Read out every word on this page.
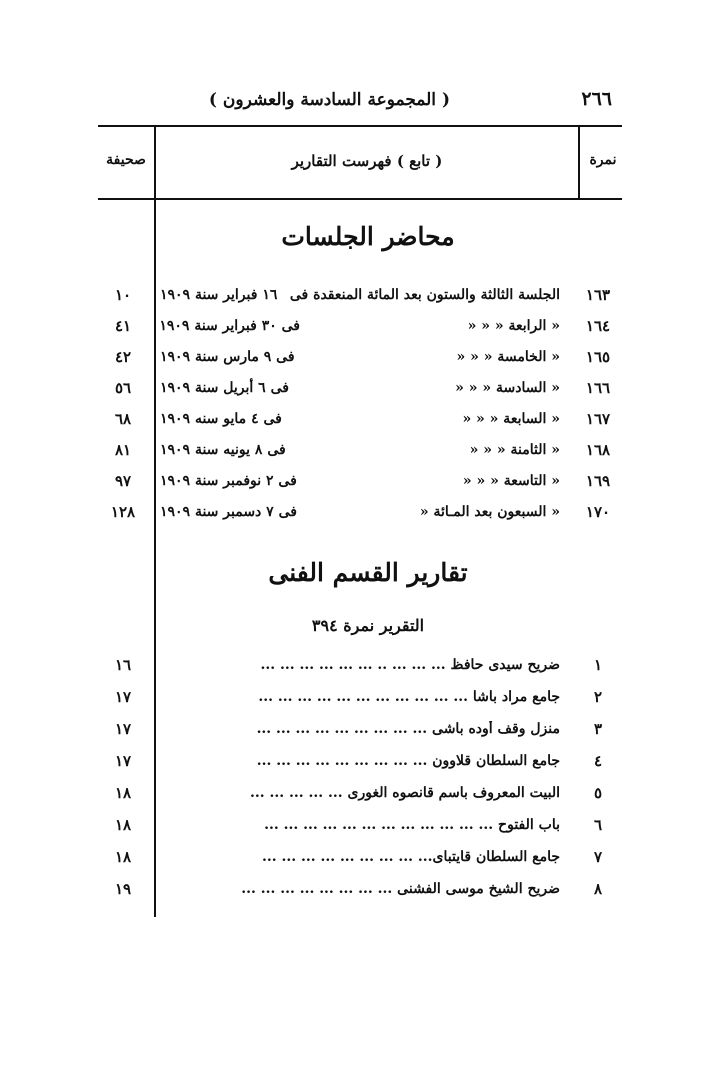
٢٦٦
( المجموعة السادسة والعشرون )
نمرة
( تابع ) فهرست التقارير
صحيفة
محاضر الجلسات
١٦٣
الجلسة الثالثة والستون بعد المائة المنعقدة فى
١٦ فبراير سنة ١٩٠٩
١٠
١٦٤
« الرابعة « « «
فى ٣٠ فبراير سنة ١٩٠٩
٤١
١٦٥
« الخامسة « « «
فى ٩ مارس سنة ١٩٠٩
٤٢
١٦٦
« السادسة « « «
فى ٦ أبريل سنة ١٩٠٩
٥٦
١٦٧
« السابعة « « «
فى ٤ مايو سنه ١٩٠٩
٦٨
١٦٨
« الثامنة « « «
فى ٨ يونيه سنة ١٩٠٩
٨١
١٦٩
« التاسعة « « «
فى ٢ نوفمبر سنة ١٩٠٩
٩٧
١٧٠
« السبعون بعد المـائة «
فى ٧ دسمبر سنة ١٩٠٩
١٢٨
تقارير القسم الفنى
التقرير نمرة ٣٩٤
١
ضريح سيدى حافظ ... ... ... .. ... ... ... ... ... ...
١٦
٢
جامع مراد باشا ... ... ... ... ... ... ... ... ... ... ...
١٧
٣
منزل وقف أوده باشى ... ... ... ... ... ... ... ... ...
١٧
٤
جامع السلطان قلاوون ... ... ... ... ... ... ... ... ...
١٧
٥
البيت المعروف باسم قانصوه الغورى ... ... ... ... ...
١٨
٦
باب الفتوح ... ... ... ... ... ... ... ... ... ... ... ...
١٨
٧
جامع السلطان قايتباى... ... ... ... ... ... ... ... ...
١٨
٨
ضريح الشيخ موسى الفشنى ... ... ... ... ... ... ... ...
١٩
